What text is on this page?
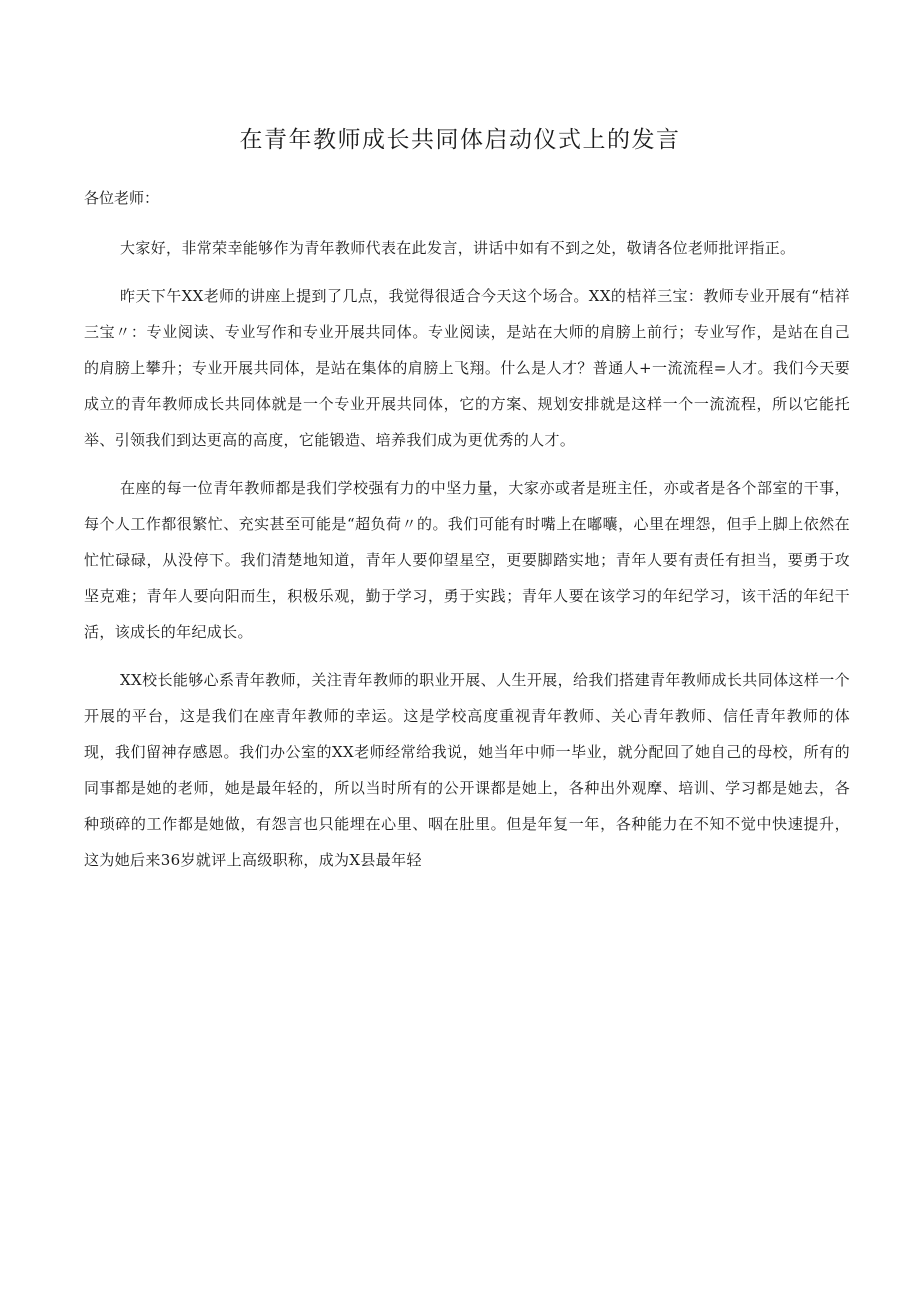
在青年教师成长共同体启动仪式上的发言

各位老师：

大家好，非常荣幸能够作为青年教师代表在此发言，讲话中如有不到之处，敬请各位老师批评指正。

昨天下午XX老师的讲座上提到了几点，我觉得很适合今天这个场合。XX的桔祥三宝：教师专业开展有“桔祥三宝〃：专业阅读、专业写作和专业开展共同体。专业阅读，是站在大师的肩膀上前行；专业写作，是站在自己的肩膀上攀升；专业开展共同体，是站在集体的肩膀上飞翔。什么是人才？普通人+一流流程=人才。我们今天要成立的青年教师成长共同体就是一个专业开展共同体，它的方案、规划安排就是这样一个一流流程，所以它能托举、引领我们到达更高的高度，它能锻造、培养我们成为更优秀的人才。

在座的每一位青年教师都是我们学校强有力的中坚力量，大家亦或者是班主任，亦或者是各个部室的干事，每个人工作都很繁忙、充实甚至可能是“超负荷〃的。我们可能有时嘴上在嘟囔，心里在埋怨，但手上脚上依然在忙忙碌碌，从没停下。我们清楚地知道，青年人要仰望星空，更要脚踏实地；青年人要有责任有担当，要勇于攻坚克难；青年人要向阳而生，积极乐观，勤于学习，勇于实践；青年人要在该学习的年纪学习，该干活的年纪干活，该成长的年纪成长。

XX校长能够心系青年教师，关注青年教师的职业开展、人生开展，给我们搭建青年教师成长共同体这样一个开展的平台，这是我们在座青年教师的幸运。这是学校高度重视青年教师、关心青年教师、信任青年教师的体现，我们留神存感恩。我们办公室的XX老师经常给我说，她当年中师一毕业，就分配回了她自己的母校，所有的同事都是她的老师，她是最年轻的，所以当时所有的公开课都是她上，各种出外观摩、培训、学习都是她去，各种琐碎的工作都是她做，有怨言也只能埋在心里、咽在肚里。但是年复一年，各种能力在不知不觉中快速提升，这为她后来36岁就评上高级职称，成为X县最年轻
